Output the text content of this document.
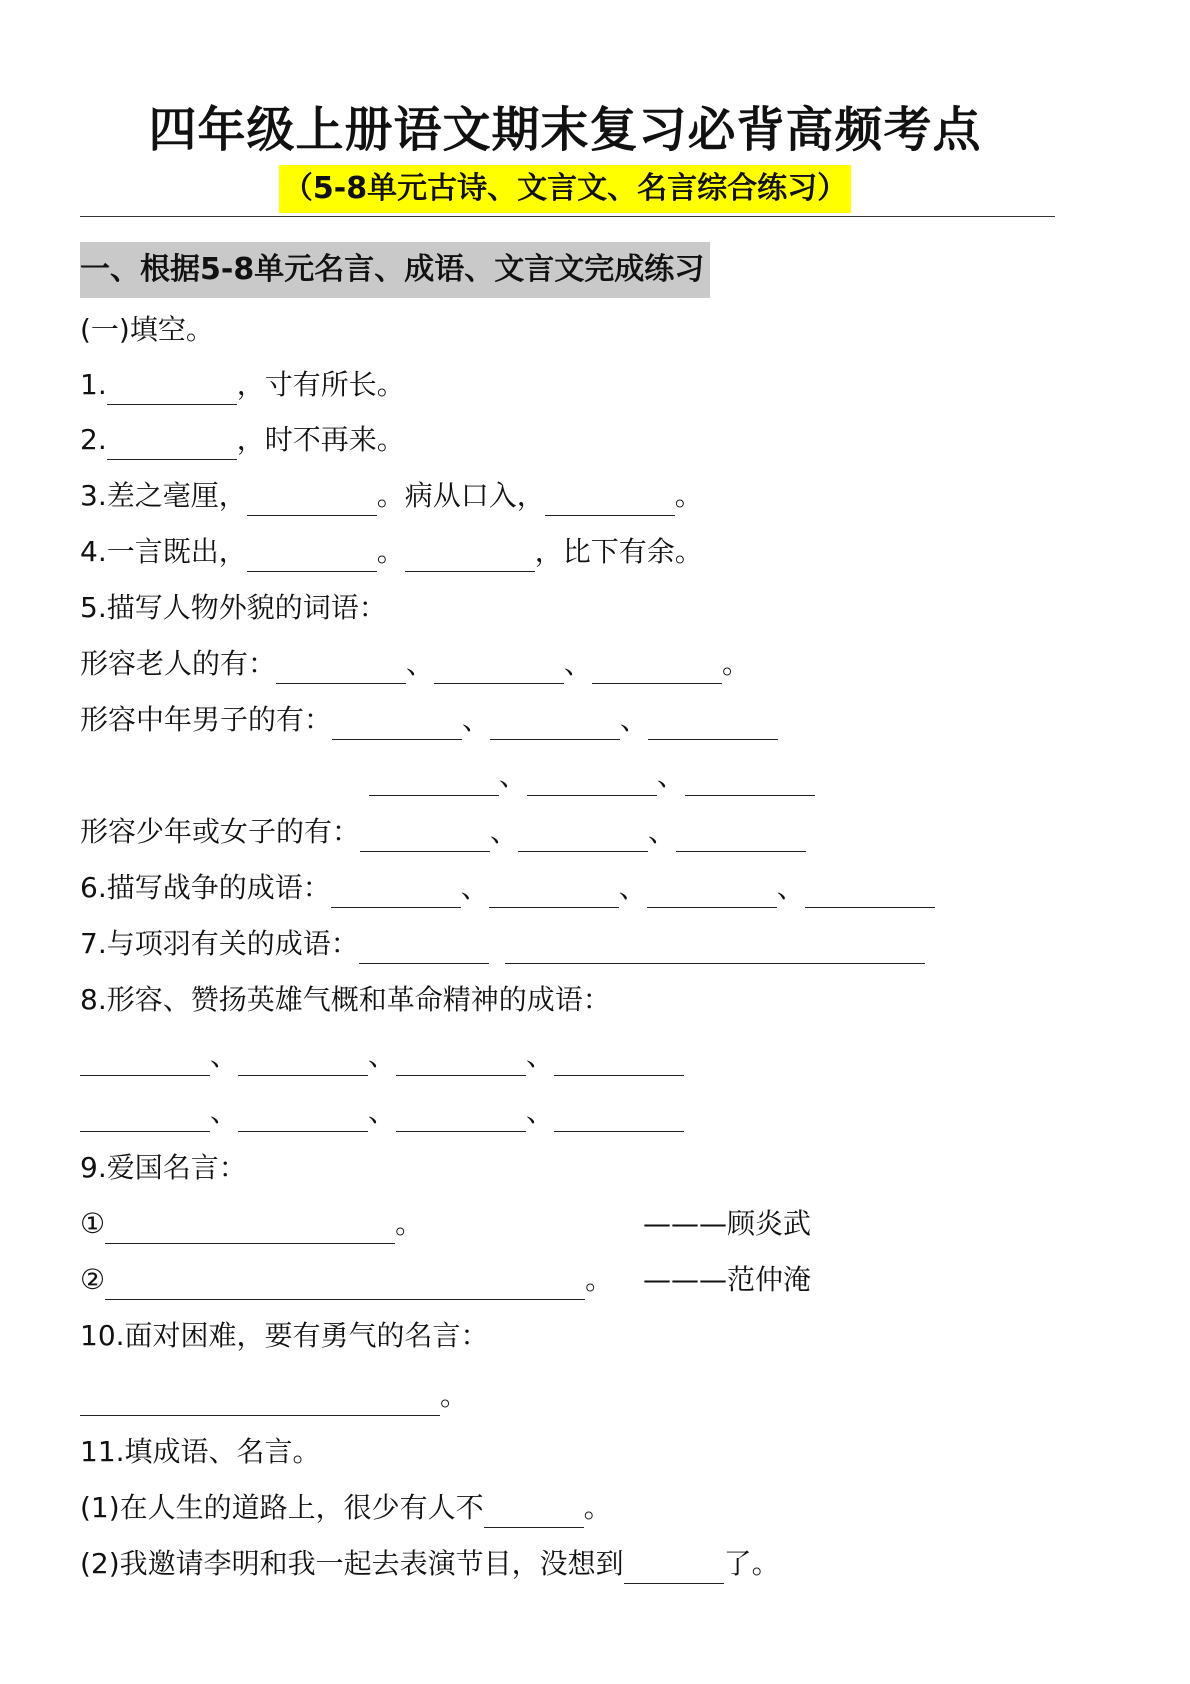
四年级上册语文期末复习必背高频考点
（5-8单元古诗、文言文、名言综合练习）
一、根据5-8单元名言、成语、文言文完成练习
(一)填空。
1.	，寸有所长。
2.	，时不再来。
3.差之毫厘，	。病从口入，	。
4.一言既出，	。	，比下有余。
5.描写人物外貌的词语：
形容老人的有：	、	、	。
形容中年男子的有：	、	、
、	、
形容少年或女子的有：	、	、
6.描写战争的成语：	、	、	、
7.与项羽有关的成语：
8.形容、赞扬英雄气概和革命精神的成语：
、	、	、
、	、	、
9.爱国名言：
①	。	———顾炎武
②	。 ———范仲淹
10.面对困难，要有勇气的名言：
。
11.填成语、名言。
(1)在人生的道路上，很少有人不	。
(2)我邀请李明和我一起去表演节目，没想到	了。
